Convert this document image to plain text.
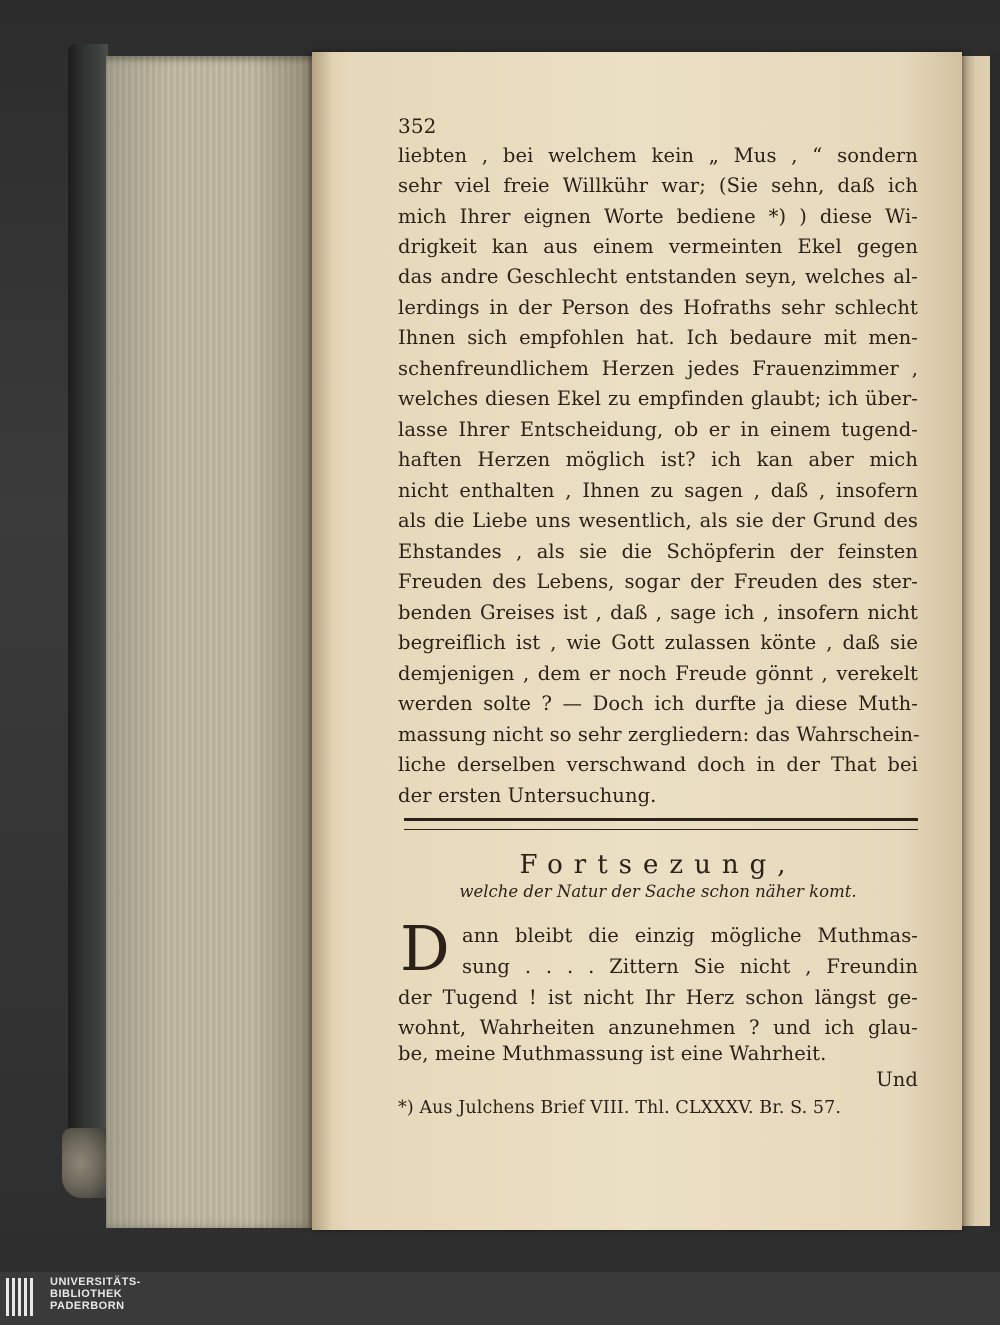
352
liebten , bei welchem kein „ Mus , “ sondern
sehr viel freie Willkühr war; (Sie sehn, daß ich
mich Ihrer eignen Worte bediene *) ) diese Wi-
drigkeit kan aus einem vermeinten Ekel gegen
das andre Geschlecht entstanden seyn, welches al-
lerdings in der Person des Hofraths sehr schlecht
Ihnen sich empfohlen hat. Ich bedaure mit men-
schenfreundlichem Herzen jedes Frauenzimmer ,
welches diesen Ekel zu empfinden glaubt; ich über-
lasse Ihrer Entscheidung, ob er in einem tugend-
haften Herzen möglich ist? ich kan aber mich
nicht enthalten , Ihnen zu sagen , daß , insofern
als die Liebe uns wesentlich, als sie der Grund des
Ehstandes , als sie die Schöpferin der feinsten
Freuden des Lebens, sogar der Freuden des ster-
benden Greises ist , daß , sage ich , insofern nicht
begreiflich ist , wie Gott zulassen könte , daß sie
demjenigen , dem er noch Freude gönnt , verekelt
werden solte ? — Doch ich durfte ja diese Muth-
massung nicht so sehr zergliedern: das Wahrschein-
liche derselben verschwand doch in der That bei
der ersten Untersuchung.
Fortsezung,
welche der Natur der Sache schon näher komt.
D ann bleibt die einzig mögliche Muthmas-
sung . . . . Zittern Sie nicht , Freundin
der Tugend ! ist nicht Ihr Herz schon längst ge-
wohnt, Wahrheiten anzunehmen ? und ich glau-
be, meine Muthmassung ist eine Wahrheit.
Und
*) Aus Julchens Brief VIII. Thl. CLXXXV. Br. S. 57.
UNIVERSITÄTS-
BIBLIOTHEK
PADERBORN
